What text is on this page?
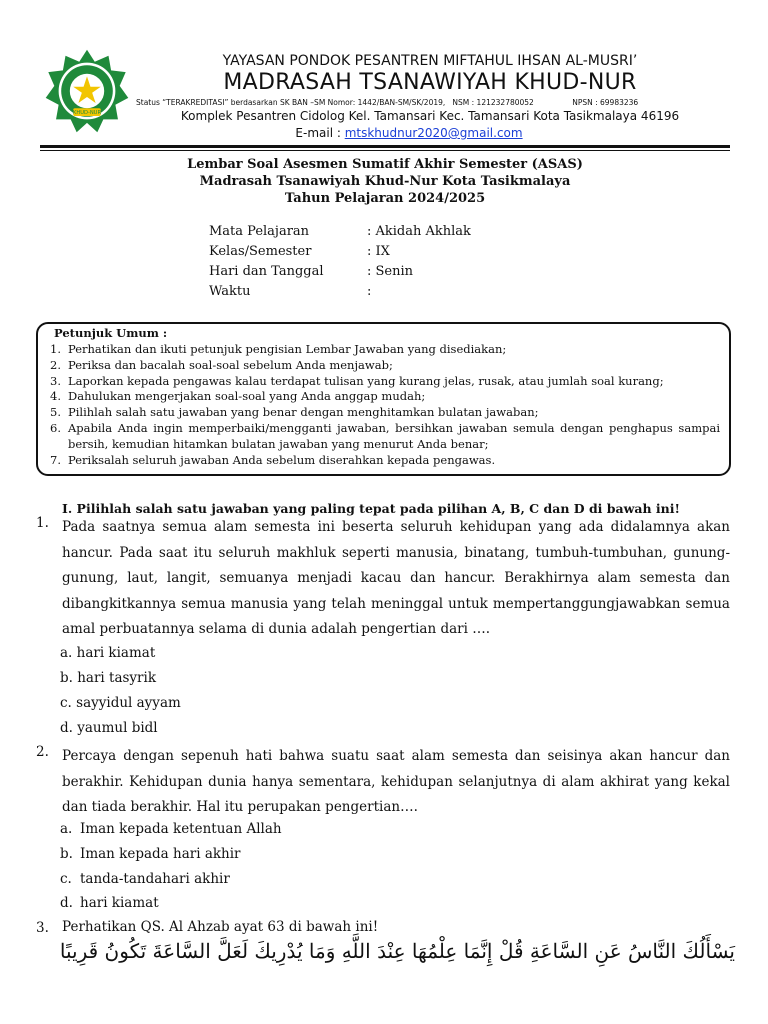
KHUD-NUR
YAYASAN PONDOK PESANTREN MIFTAHUL IHSAN AL-MUSRI’
MADRASAH TSANAWIYAH KHUD-NUR
Status “TERAKREDITASI” berdasarkan SK BAN –SM Nomor: 1442/BAN-SM/SK/2019, NSM : 121232780052	NPSN : 69983236
Komplek Pesantren Cidolog Kel. Tamansari Kec. Tamansari Kota Tasikmalaya 46196
E-mail : mtskhudnur2020@gmail.com
Lembar Soal Asesmen Sumatif Akhir Semester (ASAS)
Madrasah Tsanawiyah Khud-Nur Kota Tasikmalaya
Tahun Pelajaran 2024/2025
Mata Pelajaran	: Akidah Akhlak
Kelas/Semester	: IX
Hari dan Tanggal	: Senin
Waktu	:
Petunjuk Umum :
1. Perhatikan dan ikuti petunjuk pengisian Lembar Jawaban yang disediakan;
2. Periksa dan bacalah soal-soal sebelum Anda menjawab;
3. Laporkan kepada pengawas kalau terdapat tulisan yang kurang jelas, rusak, atau jumlah soal kurang;
4. Dahulukan mengerjakan soal-soal yang Anda anggap mudah;
5. Pilihlah salah satu jawaban yang benar dengan menghitamkan bulatan jawaban;
6. Apabila Anda ingin memperbaiki/mengganti jawaban, bersihkan jawaban semula dengan penghapus sampai bersih, kemudian hitamkan bulatan jawaban yang menurut Anda benar;
7. Periksalah seluruh jawaban Anda sebelum diserahkan kepada pengawas.
I. Pilihlah salah satu jawaban yang paling tepat pada pilihan A, B, C dan D di bawah ini!
1. Pada saatnya semua alam semesta ini beserta seluruh kehidupan yang ada didalamnya akan hancur. Pada saat itu seluruh makhluk seperti manusia, binatang, tumbuh-tumbuhan, gunung-gunung, laut, langit, semuanya menjadi kacau dan hancur. Berakhirnya alam semesta dan dibangkitkannya semua manusia yang telah meninggal untuk mempertanggungjawabkan semua amal perbuatannya selama di dunia adalah pengertian dari ….
a. hari kiamat
b. hari tasyrik
c. sayyidul ayyam
d. yaumul bidl
2. Percaya dengan sepenuh hati bahwa suatu saat alam semesta dan seisinya akan hancur dan berakhir. Kehidupan dunia hanya sementara, kehidupan selanjutnya di alam akhirat yang kekal dan tiada berakhir. Hal itu perupakan pengertian….
a. Iman kepada ketentuan Allah
b. Iman kepada hari akhir
c. tanda-tandahari akhir
d. hari kiamat
3. Perhatikan QS. Al Ahzab ayat 63 di bawah ini!
يَسْأَلُكَ النَّاسُ عَنِ السَّاعَةِ قُلْ إِنَّمَا عِلْمُهَا عِنْدَ اللَّهِ وَمَا يُدْرِيكَ لَعَلَّ السَّاعَةَ تَكُونُ قَرِيبًا
